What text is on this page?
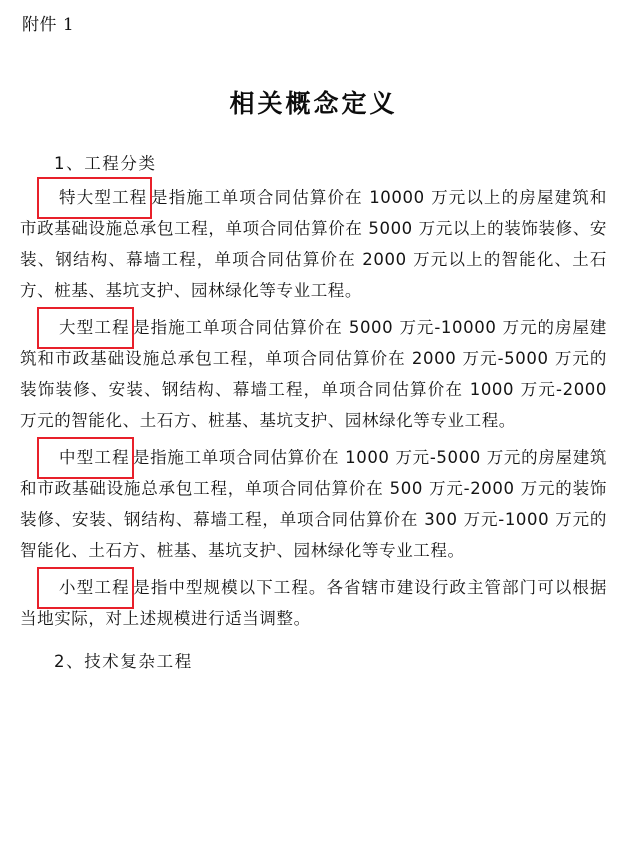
附件 1
相关概念定义
1、工程分类

特大型工程 是指施工单项合同估算价在 10000 万元以上的房屋建筑和市政基础设施总承包工程，单项合同估算价在 5000 万元以上的装饰装修、安装、钢结构、幕墙工程，单项合同估算价在 2000 万元以上的智能化、土石方、桩基、基坑支护、园林绿化等专业工程。

大型工程 是指施工单项合同估算价在 5000 万元-10000 万元的房屋建筑和市政基础设施总承包工程，单项合同估算价在 2000 万元-5000 万元的装饰装修、安装、钢结构、幕墙工程，单项合同估算价在 1000 万元-2000 万元的智能化、土石方、桩基、基坑支护、园林绿化等专业工程。

中型工程 是指施工单项合同估算价在 1000 万元-5000 万元的房屋建筑和市政基础设施总承包工程，单项合同估算价在 500 万元-2000 万元的装饰装修、安装、钢结构、幕墙工程，单项合同估算价在 300 万元-1000 万元的智能化、土石方、桩基、基坑支护、园林绿化等专业工程。

小型工程 是指中型规模以下工程。各省辖市建设行政主管部门可以根据当地实际，对上述规模进行适当调整。

2、技术复杂工程
